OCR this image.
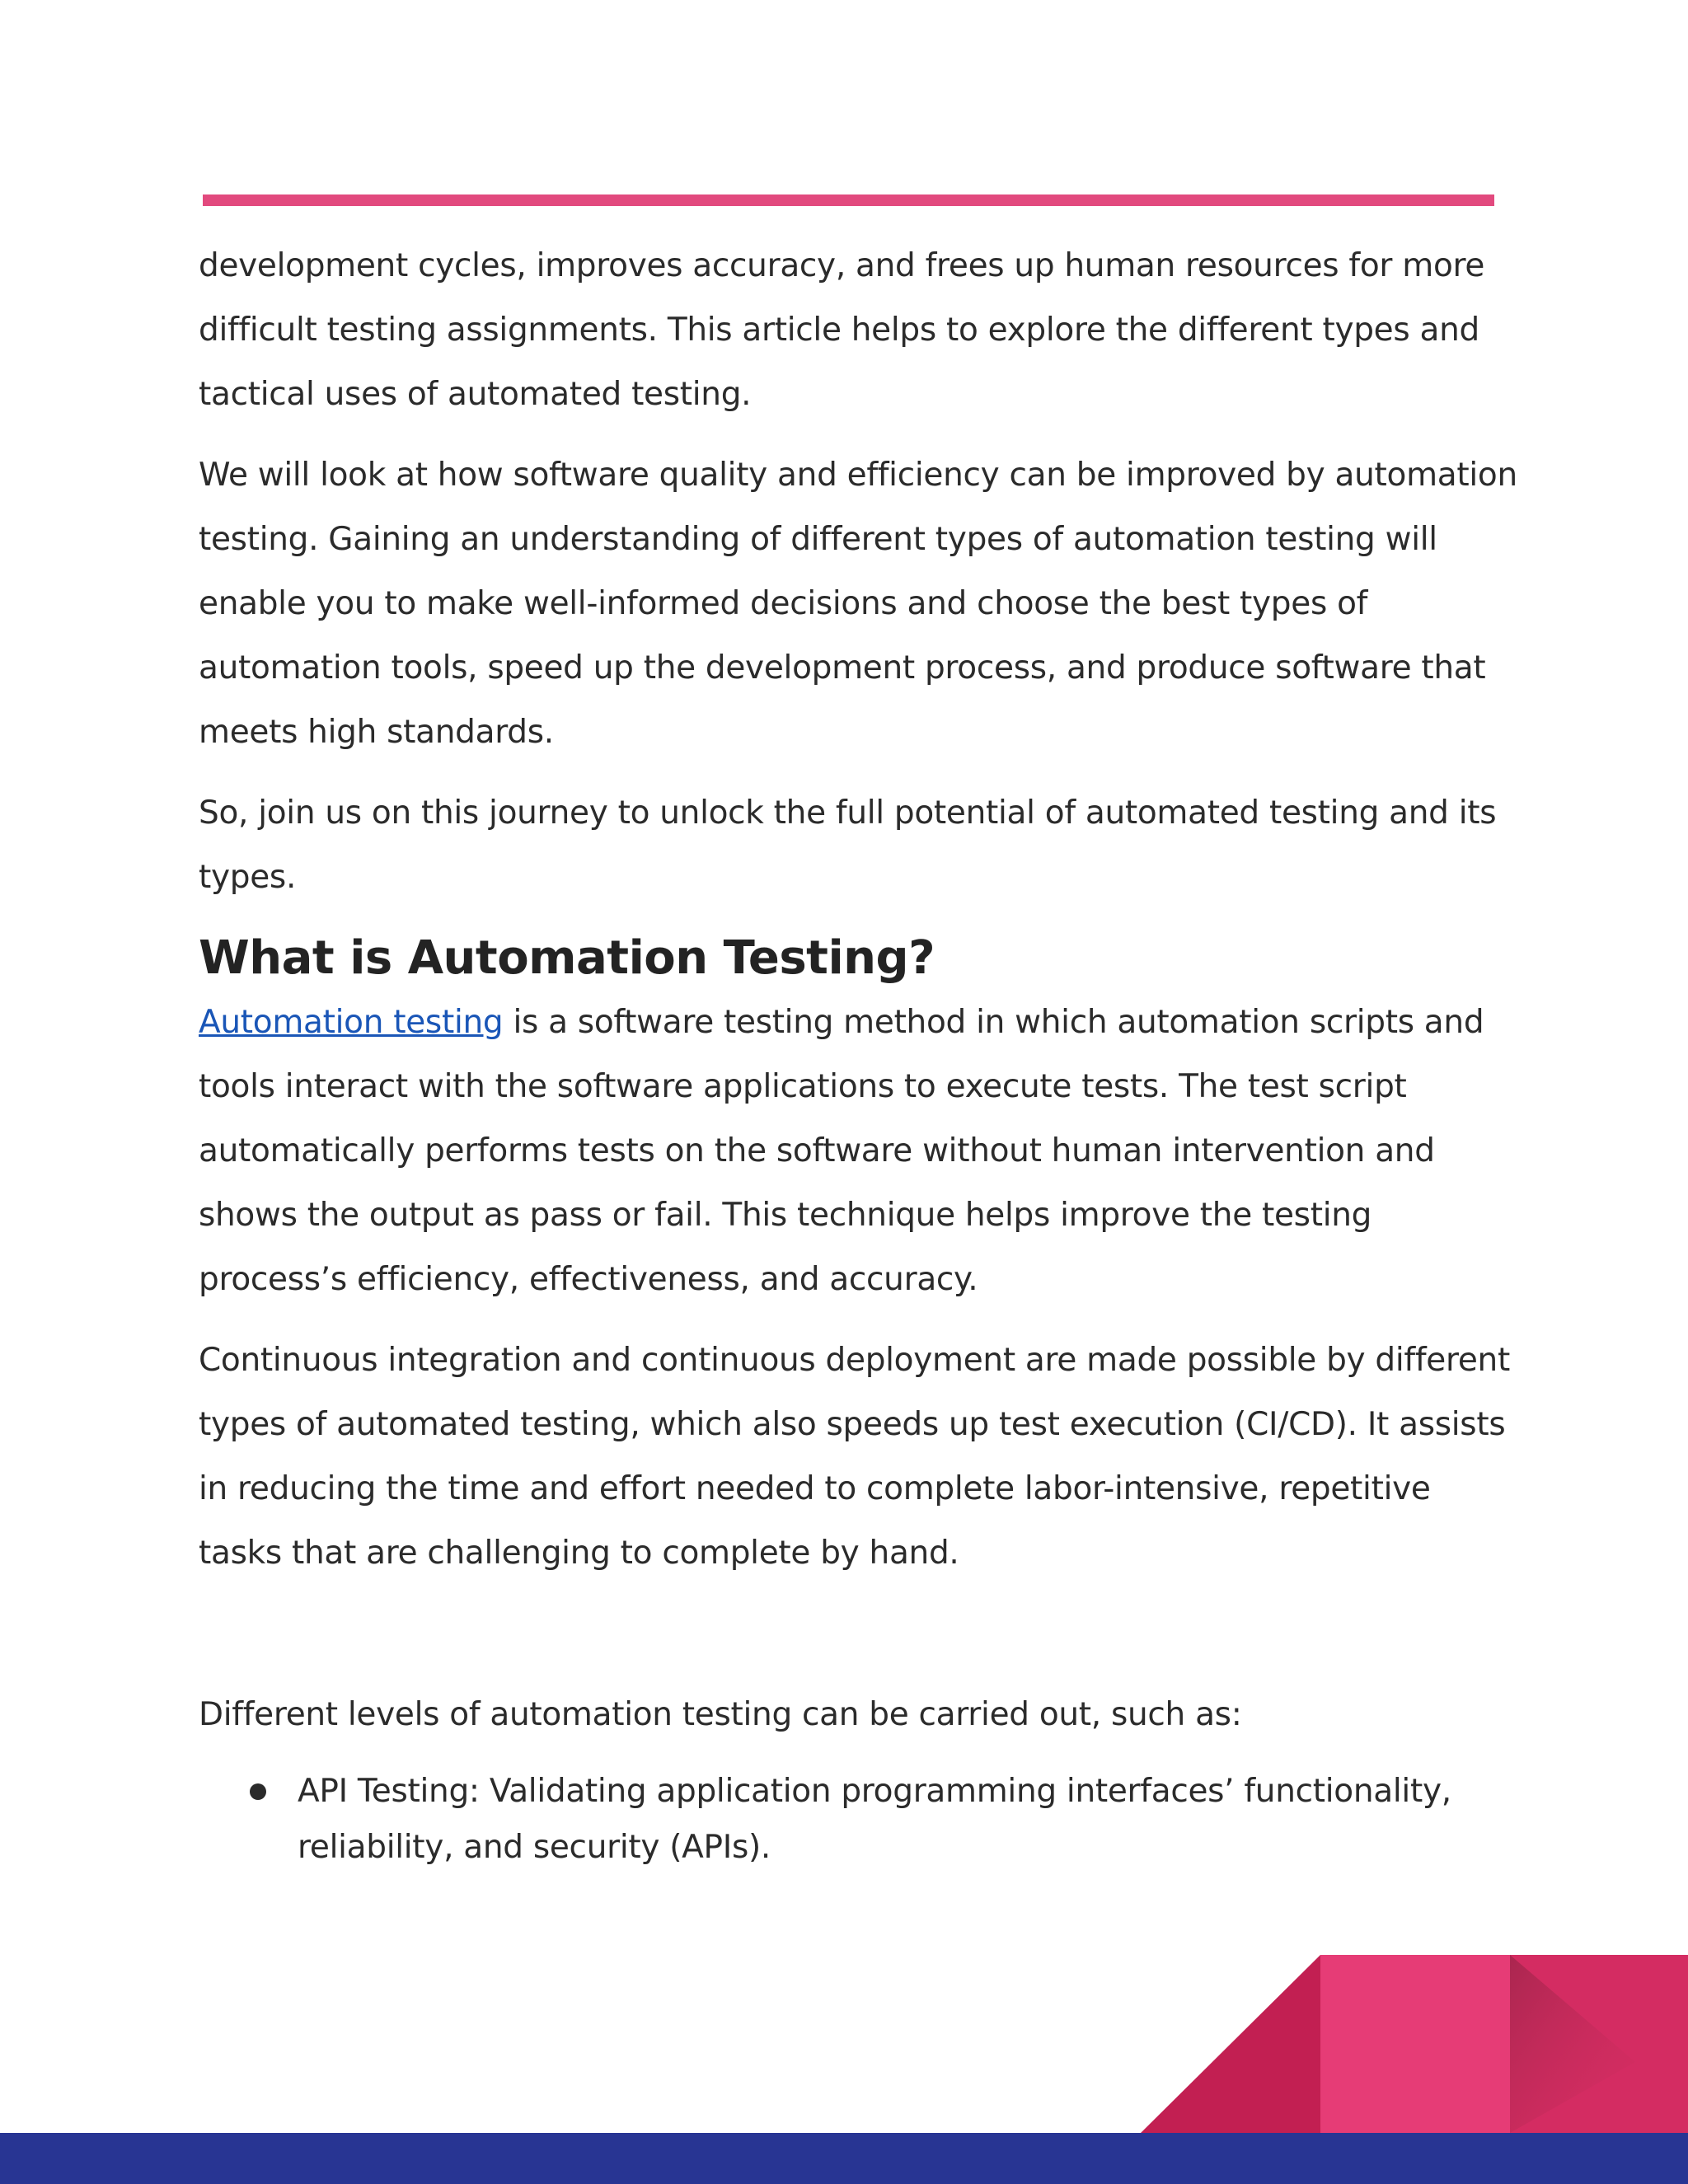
development cycles, improves accuracy, and frees up human resources for more difficult testing assignments. This article helps to explore the different types and tactical uses of automated testing.

We will look at how software quality and efficiency can be improved by automation testing. Gaining an understanding of different types of automation testing will enable you to make well-informed decisions and choose the best types of automation tools, speed up the development process, and produce software that meets high standards.

So, join us on this journey to unlock the full potential of automated testing and its types.

What is Automation Testing?

Automation testing is a software testing method in which automation scripts and tools interact with the software applications to execute tests. The test script automatically performs tests on the software without human intervention and shows the output as pass or fail. This technique helps improve the testing process’s efficiency, effectiveness, and accuracy.

Continuous integration and continuous deployment are made possible by different types of automated testing, which also speeds up test execution (CI/CD). It assists in reducing the time and effort needed to complete labor-intensive, repetitive tasks that are challenging to complete by hand.

Different levels of automation testing can be carried out, such as:

API Testing: Validating application programming interfaces’ functionality, reliability, and security (APIs).
